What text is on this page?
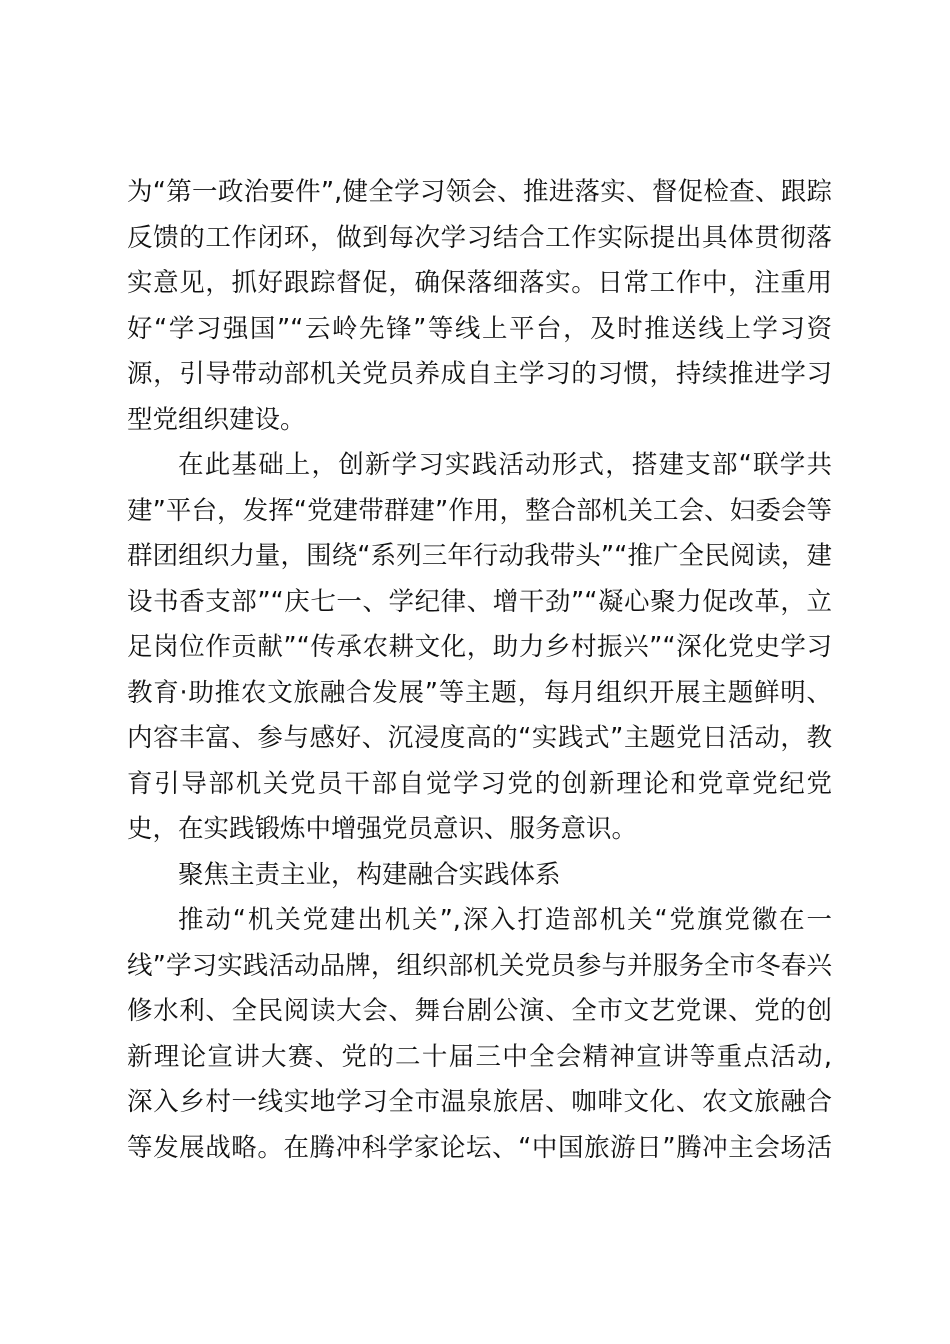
为“第一政治要件”,健全学习领会、推进落实、督促检查、跟踪
反馈的工作闭环，做到每次学习结合工作实际提出具体贯彻落
实意见，抓好跟踪督促，确保落细落实。日常工作中，注重用
好“学习强国”“云岭先锋”等线上平台，及时推送线上学习资
源，引导带动部机关党员养成自主学习的习惯，持续推进学习
型党组织建设。
在此基础上，创新学习实践活动形式，搭建支部“联学共
建”平台，发挥“党建带群建”作用，整合部机关工会、妇委会等
群团组织力量，围绕“系列三年行动我带头”“推广全民阅读，建
设书香支部”“庆七一、学纪律、增干劲”“凝心聚力促改革，立
足岗位作贡献”“传承农耕文化，助力乡村振兴”“深化党史学习
教育·助推农文旅融合发展”等主题，每月组织开展主题鲜明、
内容丰富、参与感好、沉浸度高的“实践式”主题党日活动，教
育引导部机关党员干部自觉学习党的创新理论和党章党纪党
史，在实践锻炼中增强党员意识、服务意识。
聚焦主责主业，构建融合实践体系
推动“机关党建出机关”,深入打造部机关“党旗党徽在一
线”学习实践活动品牌，组织部机关党员参与并服务全市冬春兴
修水利、全民阅读大会、舞台剧公演、全市文艺党课、党的创
新理论宣讲大赛、党的二十届三中全会精神宣讲等重点活动,
深入乡村一线实地学习全市温泉旅居、咖啡文化、农文旅融合
等发展战略。在腾冲科学家论坛、“中国旅游日”腾冲主会场活
